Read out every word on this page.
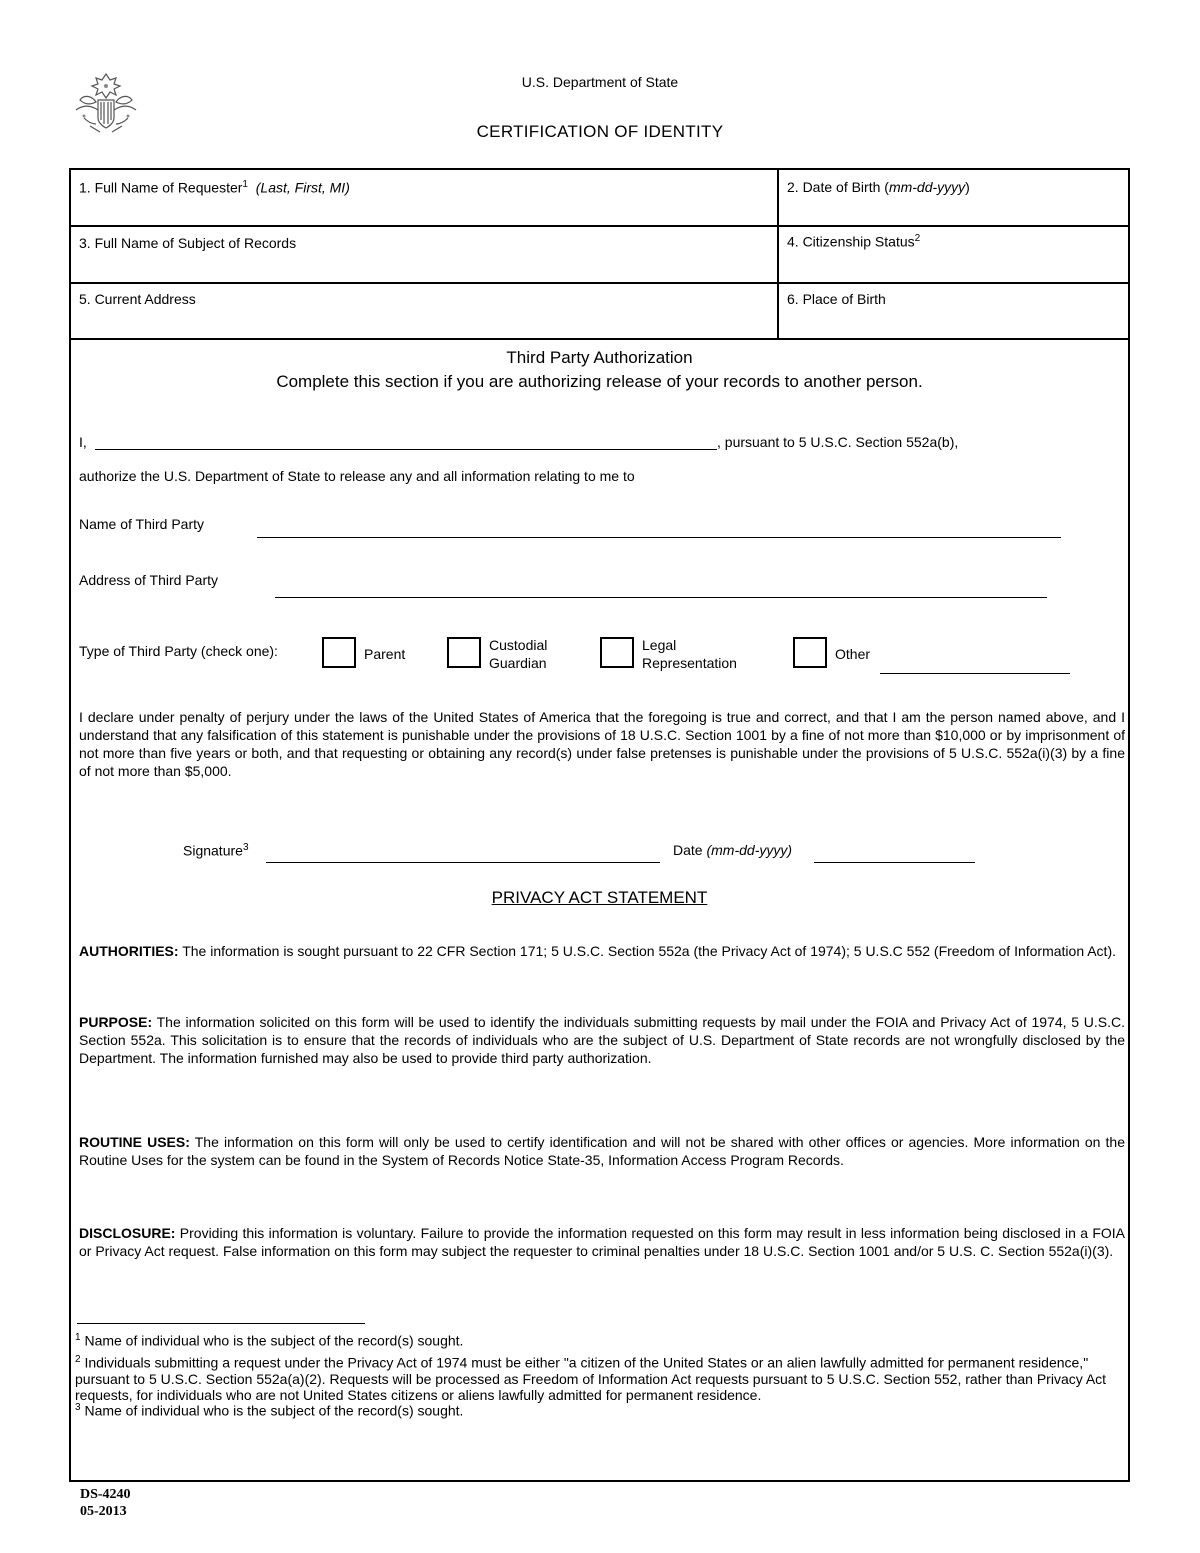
U.S. Department of State
CERTIFICATION OF IDENTITY
1. Full Name of Requester$^1$ (Last, First, MI)	2. Date of Birth (mm-dd-yyyy)
3. Full Name of Subject of Records	4. Citizenship Status$^2$
5. Current Address	6. Place of Birth
Third Party Authorization
Complete this section if you are authorizing release of your records to another person.
I,	, pursuant to 5 U.S.C. Section 552a(b),
authorize the U.S. Department of State to release any and all information relating to me to
Name of Third Party
Address of Third Party
Type of Third Party (check one):	Parent
Custodial
Guardian
Legal
Representation
Other
I declare under penalty of perjury under the laws of the United States of America that the foregoing is true and correct, and that I am the person named above, and I understand that any falsification of this statement is punishable under the provisions of 18 U.S.C. Section 1001 by a fine of not more than $10,000 or by imprisonment of not more than five years or both, and that requesting or obtaining any record(s) under false pretenses is punishable under the provisions of 5 U.S.C. 552a(i)(3) by a fine of not more than $5,000.
Signature$^3$	Date (mm-dd-yyyy)
PRIVACY ACT STATEMENT
AUTHORITIES: The information is sought pursuant to 22 CFR Section 171; 5 U.S.C. Section 552a (the Privacy Act of 1974); 5 U.S.C 552 (Freedom of Information Act).
PURPOSE: The information solicited on this form will be used to identify the individuals submitting requests by mail under the FOIA and Privacy Act of 1974, 5 U.S.C. Section 552a. This solicitation is to ensure that the records of individuals who are the subject of U.S. Department of State records are not wrongfully disclosed by the Department. The information furnished may also be used to provide third party authorization.
ROUTINE USES: The information on this form will only be used to certify identification and will not be shared with other offices or agencies. More information on the Routine Uses for the system can be found in the System of Records Notice State-35, Information Access Program Records.
DISCLOSURE: Providing this information is voluntary. Failure to provide the information requested on this form may result in less information being disclosed in a FOIA or Privacy Act request. False information on this form may subject the requester to criminal penalties under 18 U.S.C. Section 1001 and/or 5 U.S. C. Section 552a(i)(3).
$^1$ Name of individual who is the subject of the record(s) sought.
$^2$ Individuals submitting a request under the Privacy Act of 1974 must be either "a citizen of the United States or an alien lawfully admitted for permanent residence," pursuant to 5 U.S.C. Section 552a(a)(2). Requests will be processed as Freedom of Information Act requests pursuant to 5 U.S.C. Section 552, rather than Privacy Act requests, for individuals who are not United States citizens or aliens lawfully admitted for permanent residence.
$^3$ Name of individual who is the subject of the record(s) sought.
DS-4240
05-2013
